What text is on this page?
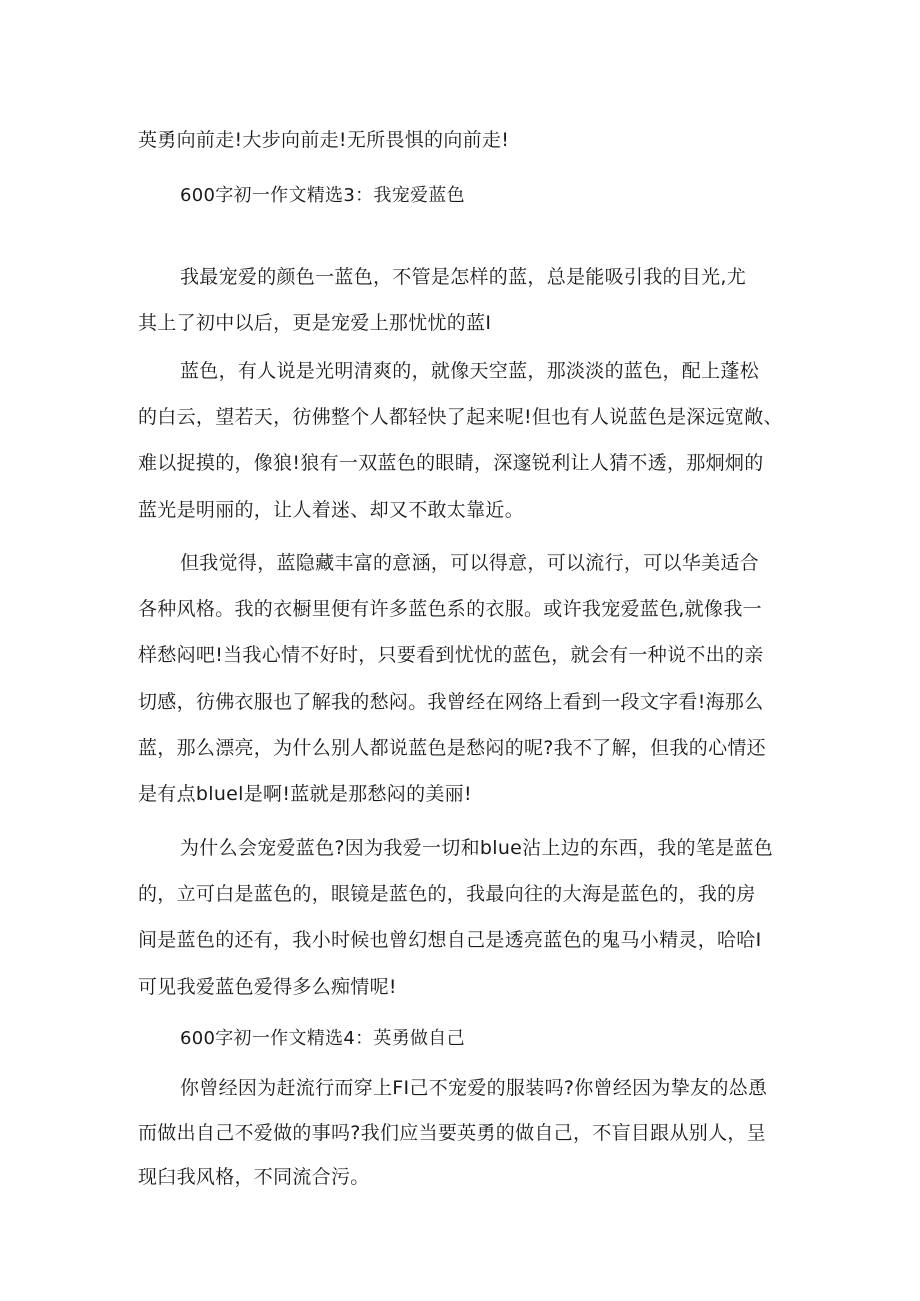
英勇向前走!大步向前走!无所畏惧的向前走!
600字初一作文精选3：我宠爱蓝色
我最宠爱的颜色一蓝色，不管是怎样的蓝，总是能吸引我的目光,尤
其上了初中以后，更是宠爱上那忧忧的蓝I
蓝色，有人说是光明清爽的，就像天空蓝，那淡淡的蓝色，配上蓬松
的白云，望若天，彷佛整个人都轻快了起来呢!但也有人说蓝色是深远宽敞、
难以捉摸的，像狼!狼有一双蓝色的眼睛，深邃锐利让人猜不透，那炯炯的
蓝光是明丽的，让人着迷、却又不敢太靠近。
但我觉得，蓝隐藏丰富的意涵，可以得意，可以流行，可以华美适合
各种风格。我的衣橱里便有许多蓝色系的衣服。或许我宠爱蓝色,就像我一
样愁闷吧!当我心情不好时，只要看到忧忧的蓝色，就会有一种说不出的亲
切感，彷佛衣服也了解我的愁闷。我曾经在网络上看到一段文字看!海那么
蓝，那么漂亮，为什么别人都说蓝色是愁闷的呢?我不了解，但我的心情还
是有点bluel是啊!蓝就是那愁闷的美丽!
为什么会宠爱蓝色?因为我爱一切和blue沾上边的东西，我的笔是蓝色
的，立可白是蓝色的，眼镜是蓝色的，我最向往的大海是蓝色的，我的房
间是蓝色的还有，我小时候也曾幻想自己是透亮蓝色的鬼马小精灵，哈哈I
可见我爱蓝色爱得多么痴情呢!
600字初一作文精选4：英勇做自己
你曾经因为赶流行而穿上FI己不宠爱的服装吗?你曾经因为挚友的怂恿
而做出自己不爱做的事吗?我们应当要英勇的做自己，不盲目跟从别人，呈
现臼我风格，不同流合污。
